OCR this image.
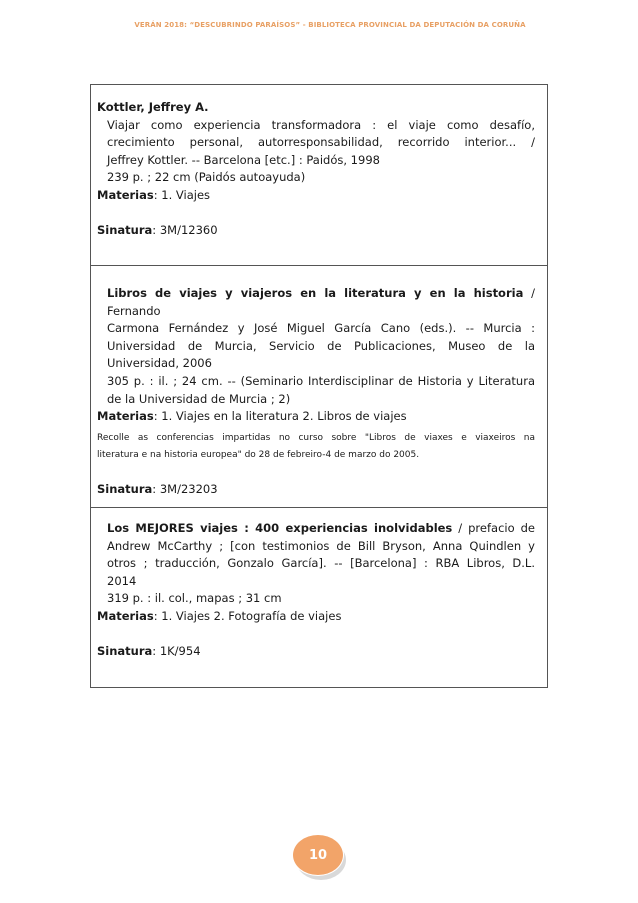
VERÁN 2018: “DESCUBRINDO PARAÍSOS” - BIBLIOTECA PROVINCIAL DA DEPUTACIÓN DA CORUÑA
Kottler, Jeffrey A.
Viajar como experiencia transformadora : el viaje como desafío,
crecimiento personal, autorresponsabilidad, recorrido interior... /
Jeffrey Kottler. -- Barcelona [etc.] : Paidós, 1998
239 p. ; 22 cm (Paidós autoayuda)
Materias: 1. Viajes
Sinatura: 3M/12360
Libros de viajes y viajeros en la literatura y en la historia / Fernando
Carmona Fernández y José Miguel García Cano (eds.). -- Murcia :
Universidad de Murcia, Servicio de Publicaciones, Museo de la
Universidad, 2006
305 p. : il. ; 24 cm. -- (Seminario Interdisciplinar de Historia y Literatura
de la Universidad de Murcia ; 2)
Materias: 1. Viajes en la literatura 2. Libros de viajes
Recolle as conferencias impartidas no curso sobre "Libros de viaxes e viaxeiros na
literatura e na historia europea" do 28 de febreiro-4 de marzo do 2005.
Sinatura: 3M/23203
Los MEJORES viajes : 400 experiencias inolvidables / prefacio de
Andrew McCarthy ; [con testimonios de Bill Bryson, Anna Quindlen y
otros ; traducción, Gonzalo García]. -- [Barcelona] : RBA Libros, D.L.
2014
319 p. : il. col., mapas ; 31 cm
Materias: 1. Viajes 2. Fotografía de viajes
Sinatura: 1K/954
10
